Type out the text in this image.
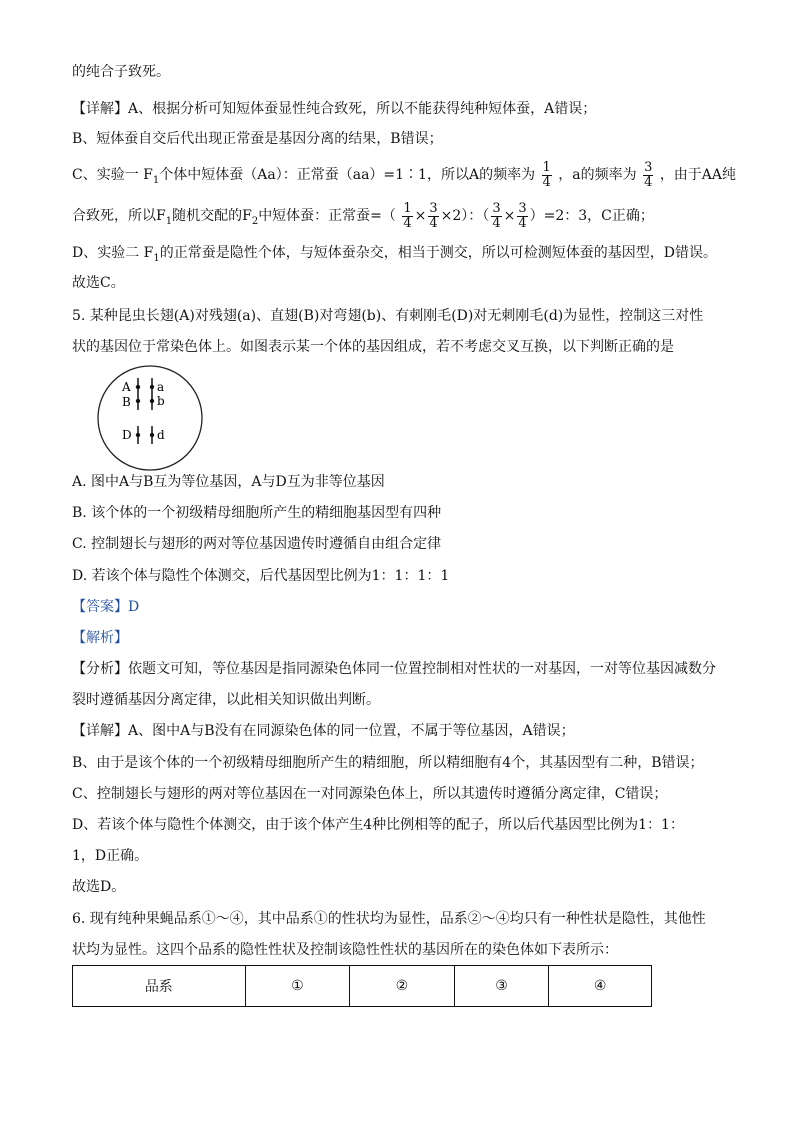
的纯合子致死。
【详解】A、根据分析可知短体蚕显性纯合致死，所以不能获得纯种短体蚕，A错误；
B、短体蚕自交后代出现正常蚕是基因分离的结果，B错误；
C、实验一 $F_1$个体中短体蚕（Aa）：正常蚕（aa）=1∶1，所以A的频率为 $\frac{1}{4}$ ，a的频率为 $\frac{3}{4}$ ，由于AA纯
合致死，所以$F_1$随机交配的$F_2$中短体蚕：正常蚕=（ $\frac{1}{4} \times \frac{3}{4} \times 2$）：（ $\frac{3}{4} \times \frac{3}{4} )=2$：3，C正确；
D、实验二 $F_1$的正常蚕是隐性个体，与短体蚕杂交，相当于测交，所以可检测短体蚕的基因型，D错误。
故选C。
5. 某种昆虫长翅(A)对残翅(a)、直翅(B)对弯翅(b)、有刺刚毛(D)对无刺刚毛(d)为显性，控制这三对性
状的基因位于常染色体上。如图表示某一个体的基因组成，若不考虑交叉互换，以下判断正确的是
A
B
D
a
b
d
A. 图中A与B互为等位基因，A与D互为非等位基因
B. 该个体的一个初级精母细胞所产生的精细胞基因型有四种
C. 控制翅长与翅形的两对等位基因遗传时遵循自由组合定律
D. 若该个体与隐性个体测交，后代基因型比例为1：1：1：1
【答案】D
【解析】
【分析】依题文可知，等位基因是指同源染色体同一位置控制相对性状的一对基因，一对等位基因减数分
裂时遵循基因分离定律，以此相关知识做出判断。
【详解】A、图中A与B没有在同源染色体的同一位置，不属于等位基因，A错误；
B、由于是该个体的一个初级精母细胞所产生的精细胞，所以精细胞有4个，其基因型有二种，B错误；
C、控制翅长与翅形的两对等位基因在一对同源染色体上，所以其遗传时遵循分离定律，C错误；
D、若该个体与隐性个体测交，由于该个体产生4种比例相等的配子，所以后代基因型比例为1：1：
1，D正确。
故选D。
6. 现有纯种果蝇品系①～④，其中品系①的性状均为显性，品系②～④均只有一种性状是隐性，其他性
状均为显性。这四个品系的隐性性状及控制该隐性性状的基因所在的染色体如下表所示：
品系	①	②	③	④
